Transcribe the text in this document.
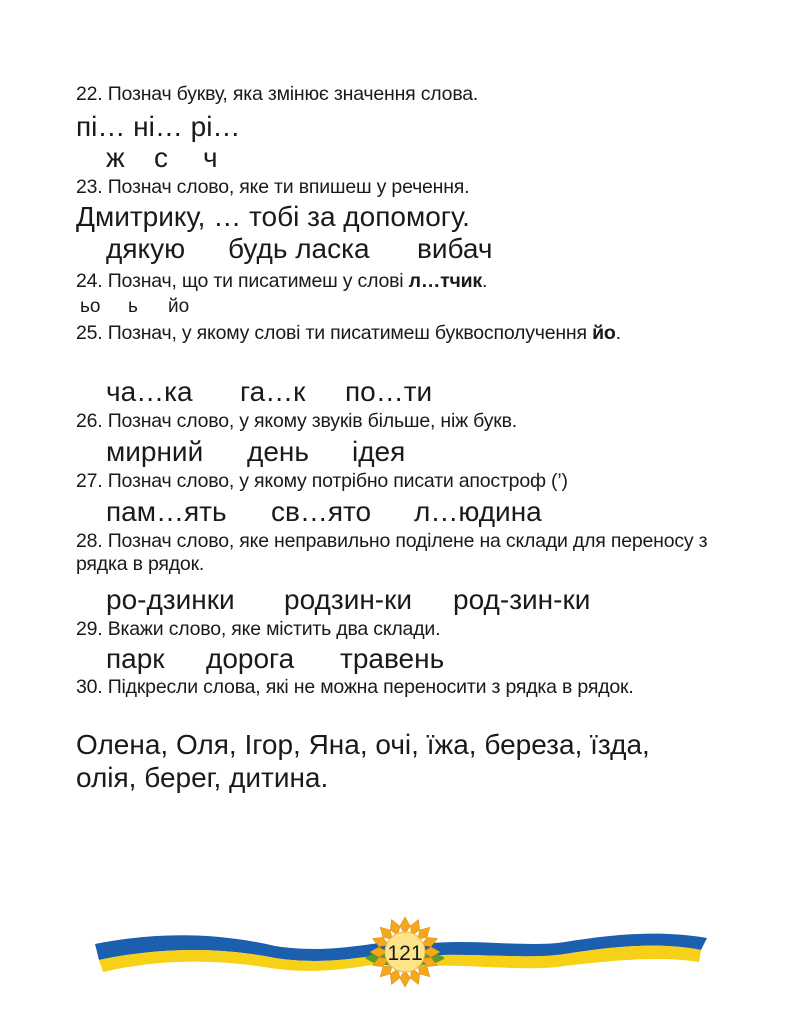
22. Познач букву, яка змінює значення слова.
пі… ні… рі…
ж с ч
23. Познач слово, яке ти впишеш у речення.
Дмитрику, … тобі за допомогу.
дякую будь ласка вибач
24. Познач, що ти писатимеш у слові л…тчик.
ьо ь йо
25. Познач, у якому слові ти писатимеш буквосполучення йо.
ча…ка га…к по…ти
26. Познач слово, у якому звуків більше, ніж букв.
мирний день ідея
27. Познач слово, у якому потрібно писати апостроф (’)
пам…ять св…ято л…юдина
28. Познач слово, яке неправильно поділене на склади для переносу з рядка в рядок.
ро-дзинки родзин-ки род-зин-ки
29. Вкажи слово, яке містить два склади.
парк дорога травень
30. Підкресли слова, які не можна переносити з рядка в рядок.
Олена, Оля, Ігор, Яна, очі, їжа, береза, їзда,
олія, берег, дитина.
121
